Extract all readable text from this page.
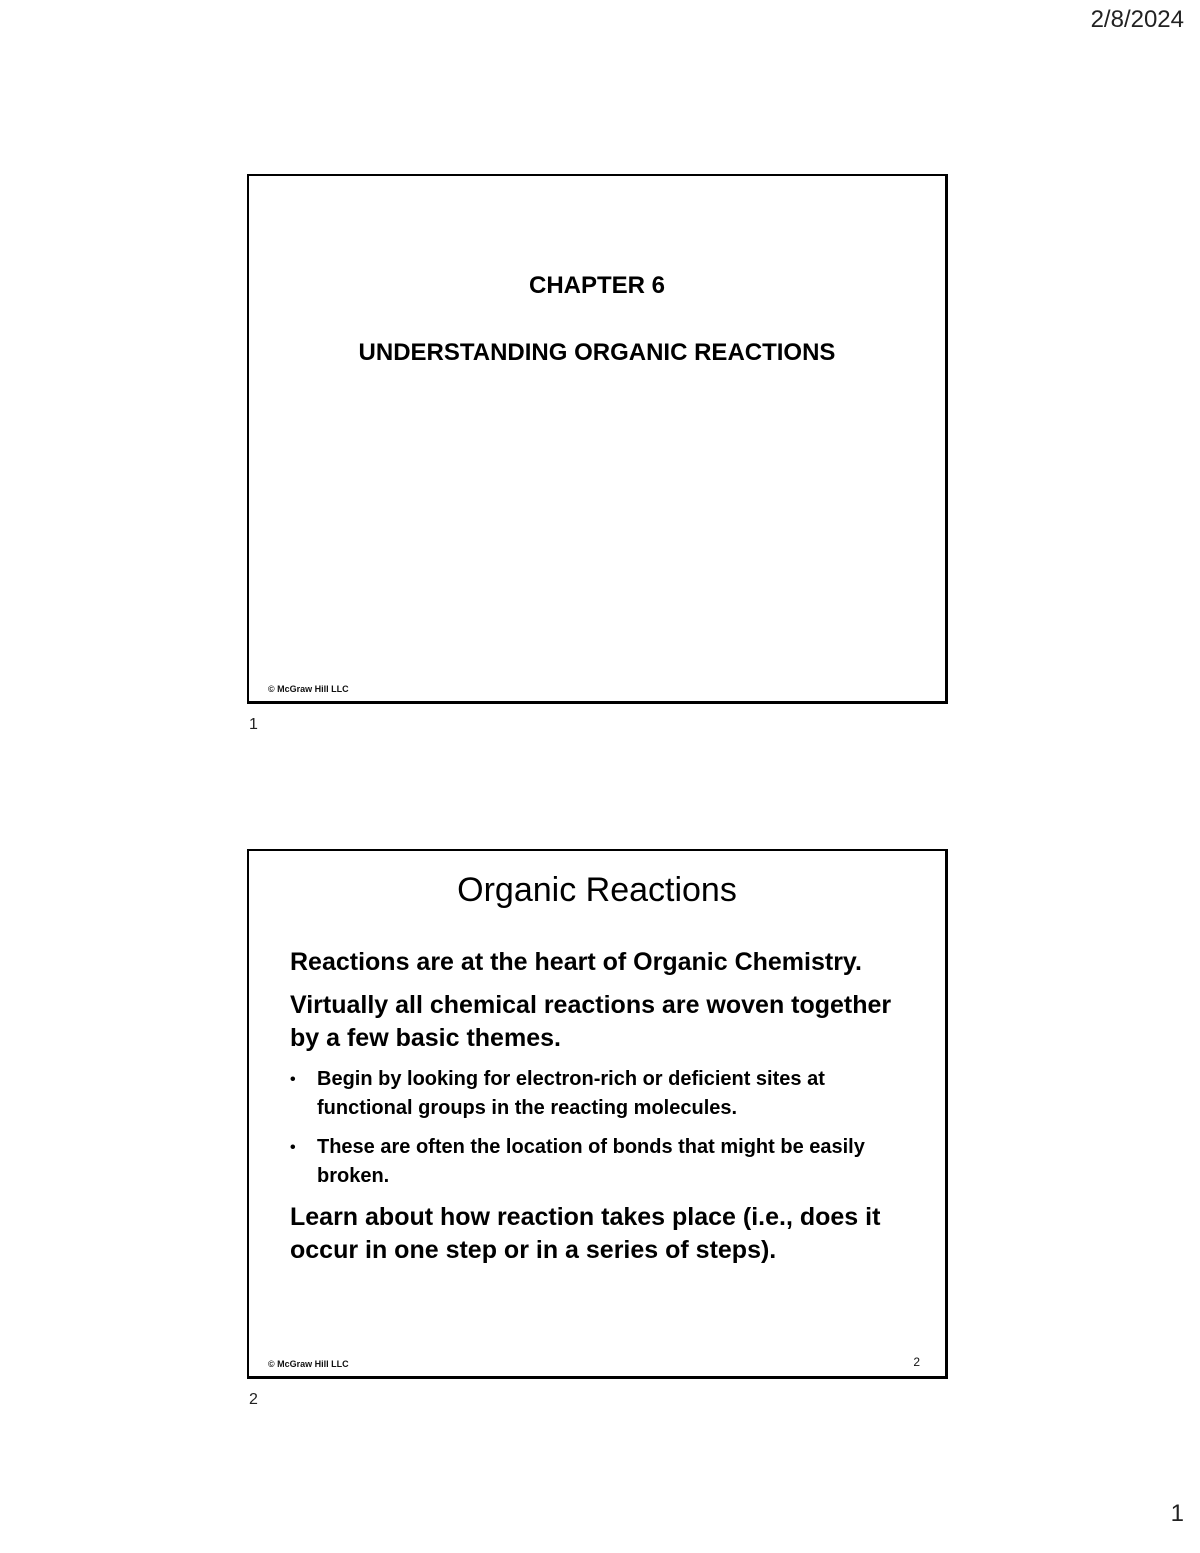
2/8/2024
CHAPTER 6
UNDERSTANDING ORGANIC REACTIONS
© McGraw Hill LLC
1
Organic Reactions

Reactions are at the heart of Organic Chemistry.

Virtually all chemical reactions are woven together by a few basic themes.

•	Begin by looking for electron-rich or deficient sites at functional groups in the reacting molecules.
•	These are often the location of bonds that might be easily broken.

Learn about how reaction takes place (i.e., does it occur in one step or in a series of steps).

© McGraw Hill LLC	2
2
1
